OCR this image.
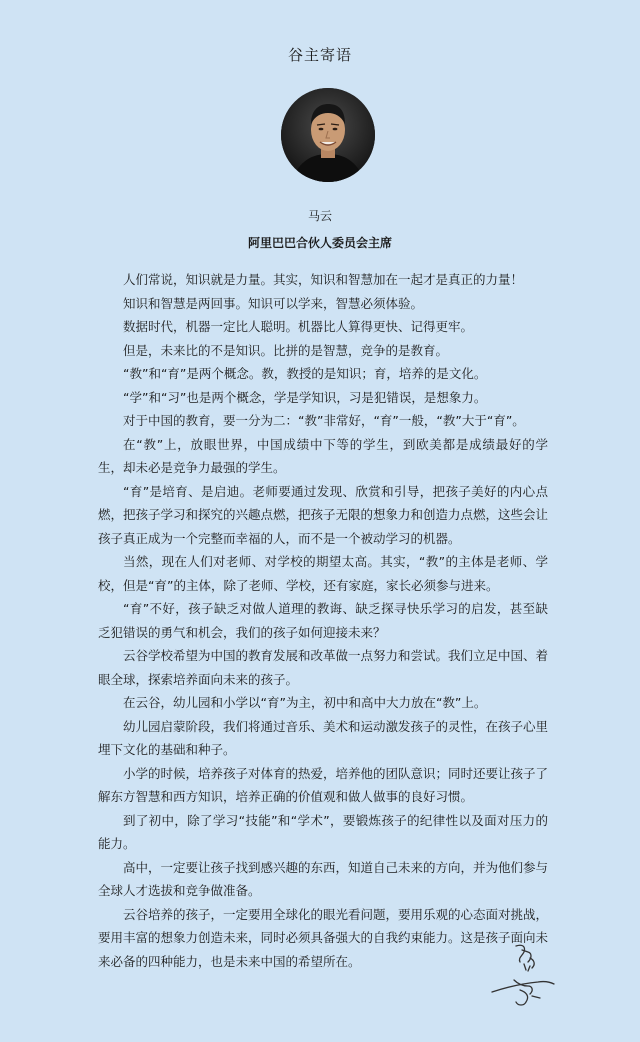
谷主寄语
马云
阿里巴巴合伙人委员会主席

人们常说，知识就是力量。其实，知识和智慧加在一起才是真正的力量！

知识和智慧是两回事。知识可以学来，智慧必须体验。

数据时代，机器一定比人聪明。机器比人算得更快、记得更牢。

但是，未来比的不是知识。比拼的是智慧，竞争的是教育。

“教”和“育”是两个概念。教，教授的是知识；育，培养的是文化。

“学”和“习”也是两个概念，学是学知识，习是犯错误，是想象力。

对于中国的教育，要一分为二：“教”非常好，“育”一般，“教”大于“育”。

在“教”上，放眼世界，中国成绩中下等的学生，到欧美都是成绩最好的学生，却未必是竞争力最强的学生。

“育”是培育、是启迪。老师要通过发现、欣赏和引导，把孩子美好的内心点燃，把孩子学习和探究的兴趣点燃，把孩子无限的想象力和创造力点燃，这些会让孩子真正成为一个完整而幸福的人，而不是一个被动学习的机器。

当然，现在人们对老师、对学校的期望太高。其实，“教”的主体是老师、学校，但是“育”的主体，除了老师、学校，还有家庭，家长必须参与进来。

“育”不好，孩子缺乏对做人道理的教诲、缺乏探寻快乐学习的启发，甚至缺乏犯错误的勇气和机会，我们的孩子如何迎接未来？

云谷学校希望为中国的教育发展和改革做一点努力和尝试。我们立足中国、着眼全球，探索培养面向未来的孩子。

在云谷，幼儿园和小学以“育”为主，初中和高中大力放在“教”上。

幼儿园启蒙阶段，我们将通过音乐、美术和运动激发孩子的灵性，在孩子心里埋下文化的基础和种子。

小学的时候，培养孩子对体育的热爱，培养他的团队意识；同时还要让孩子了解东方智慧和西方知识，培养正确的价值观和做人做事的良好习惯。

到了初中，除了学习“技能”和“学术”，要锻炼孩子的纪律性以及面对压力的能力。

高中，一定要让孩子找到感兴趣的东西，知道自己未来的方向，并为他们参与全球人才选拔和竞争做准备。

云谷培养的孩子，一定要用全球化的眼光看问题，要用乐观的心态面对挑战，要用丰富的想象力创造未来，同时必须具备强大的自我约束能力。这是孩子面向未来必备的四种能力，也是未来中国的希望所在。
